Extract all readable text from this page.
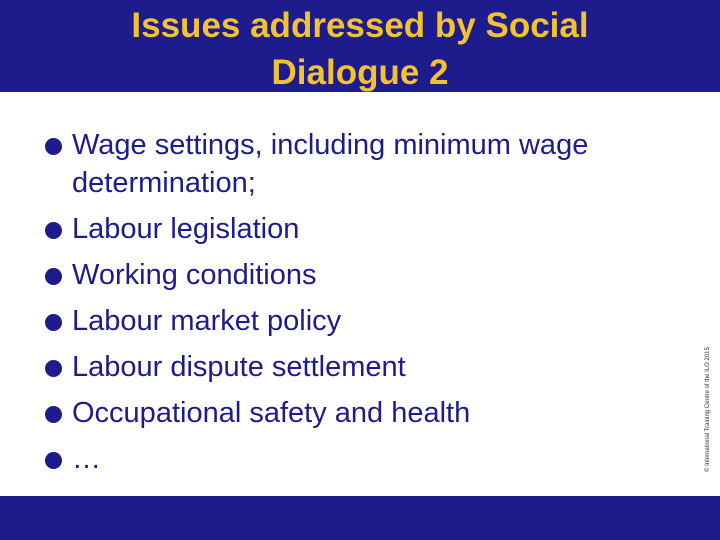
Issues addressed by Social
Dialogue 2
Wage settings, including minimum wage determination;
Labour legislation
Working conditions
Labour market policy
Labour dispute settlement
Occupational safety and health
…	© International Training Centre of the ILO 2015
